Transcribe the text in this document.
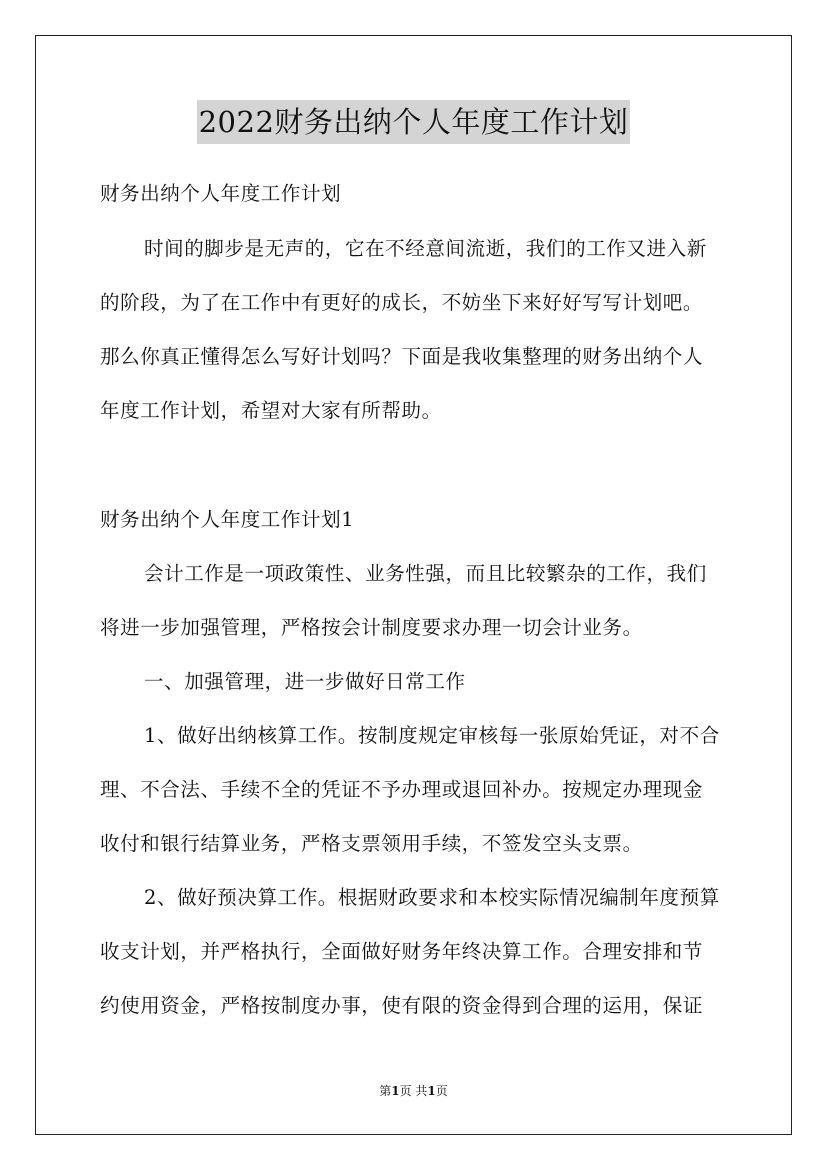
2022财务出纳个人年度工作计划
财务出纳个人年度工作计划
时间的脚步是无声的，它在不经意间流逝，我们的工作又进入新
的阶段，为了在工作中有更好的成长，不妨坐下来好好写写计划吧。
那么你真正懂得怎么写好计划吗？下面是我收集整理的财务出纳个人
年度工作计划，希望对大家有所帮助。
财务出纳个人年度工作计划1
会计工作是一项政策性、业务性强，而且比较繁杂的工作，我们
将进一步加强管理，严格按会计制度要求办理一切会计业务。
一、加强管理，进一步做好日常工作
1、做好出纳核算工作。按制度规定审核每一张原始凭证，对不合
理、不合法、手续不全的凭证不予办理或退回补办。按规定办理现金
收付和银行结算业务，严格支票领用手续，不签发空头支票。
2、做好预决算工作。根据财政要求和本校实际情况编制年度预算
收支计划，并严格执行，全面做好财务年终决算工作。合理安排和节
约使用资金，严格按制度办事，使有限的资金得到合理的运用，保证
第1页 共1页
